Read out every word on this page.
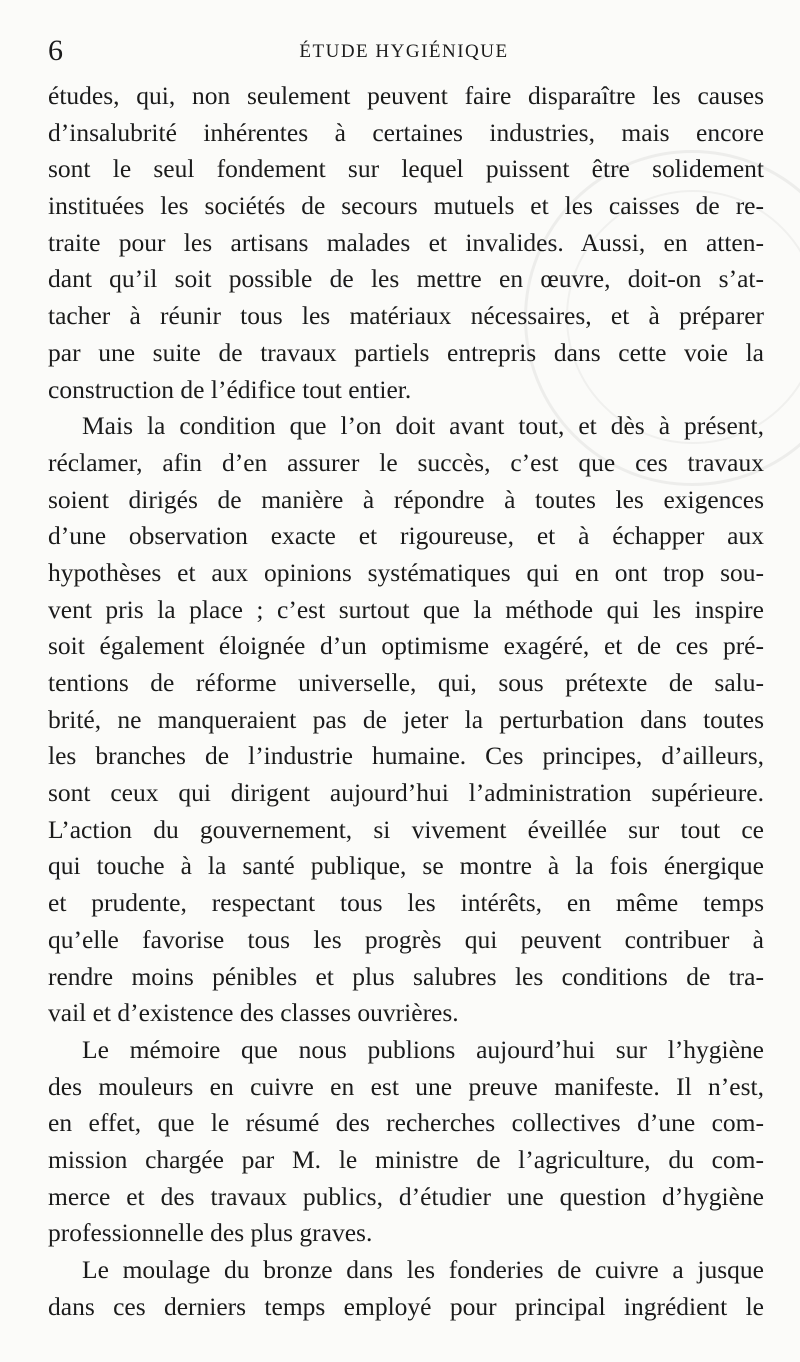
6	ÉTUDE HYGIÉNIQUE
études, qui, non seulement peuvent faire disparaître les causes
d’insalubrité inhérentes à certaines industries, mais encore
sont le seul fondement sur lequel puissent être solidement
instituées les sociétés de secours mutuels et les caisses de re-
traite pour les artisans malades et invalides. Aussi, en atten-
dant qu’il soit possible de les mettre en œuvre, doit-on s’at-
tacher à réunir tous les matériaux nécessaires, et à préparer
par une suite de travaux partiels entrepris dans cette voie la
construction de l’édifice tout entier.
Mais la condition que l’on doit avant tout, et dès à présent,
réclamer, afin d’en assurer le succès, c’est que ces travaux
soient dirigés de manière à répondre à toutes les exigences
d’une observation exacte et rigoureuse, et à échapper aux
hypothèses et aux opinions systématiques qui en ont trop sou-
vent pris la place ; c’est surtout que la méthode qui les inspire
soit également éloignée d’un optimisme exagéré, et de ces pré-
tentions de réforme universelle, qui, sous prétexte de salu-
brité, ne manqueraient pas de jeter la perturbation dans toutes
les branches de l’industrie humaine. Ces principes, d’ailleurs,
sont ceux qui dirigent aujourd’hui l’administration supérieure.
L’action du gouvernement, si vivement éveillée sur tout ce
qui touche à la santé publique, se montre à la fois énergique
et prudente, respectant tous les intérêts, en même temps
qu’elle favorise tous les progrès qui peuvent contribuer à
rendre moins pénibles et plus salubres les conditions de tra-
vail et d’existence des classes ouvrières.
Le mémoire que nous publions aujourd’hui sur l’hygiène
des mouleurs en cuivre en est une preuve manifeste. Il n’est,
en effet, que le résumé des recherches collectives d’une com-
mission chargée par M. le ministre de l’agriculture, du com-
merce et des travaux publics, d’étudier une question d’hygiène
professionnelle des plus graves.
Le moulage du bronze dans les fonderies de cuivre a jusque
dans ces derniers temps employé pour principal ingrédient le
